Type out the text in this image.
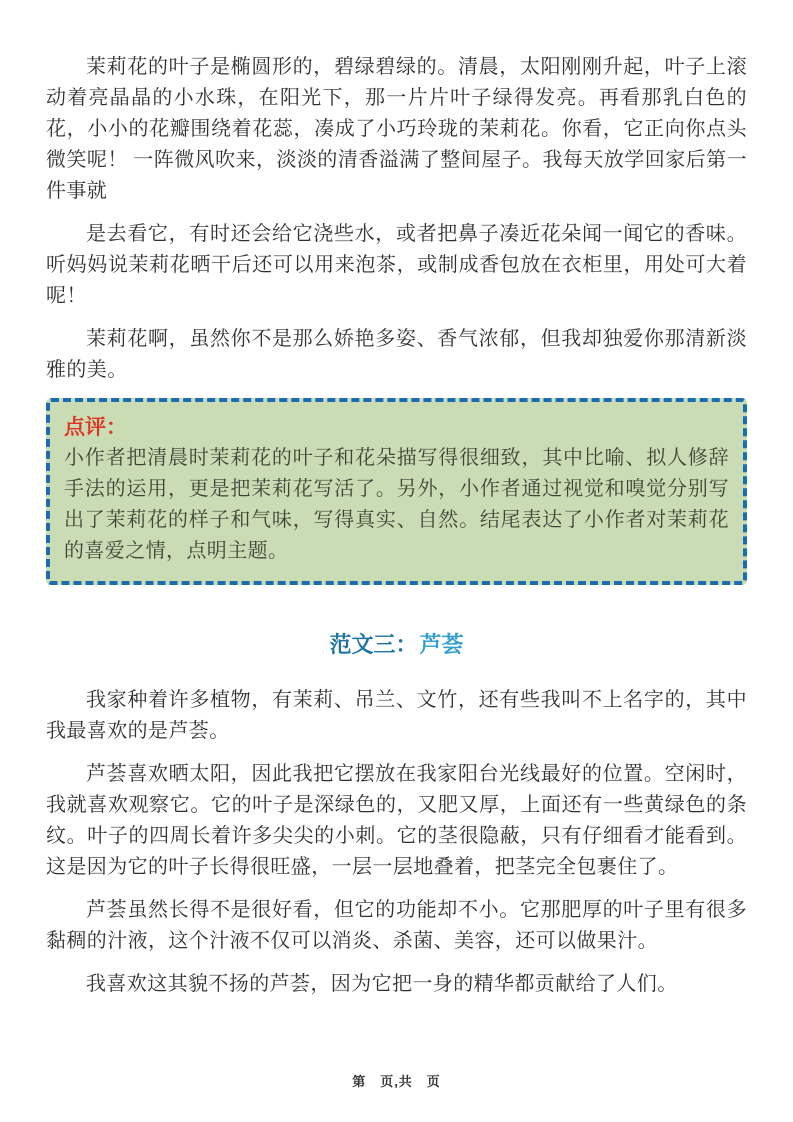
茉莉花的叶子是椭圆形的，碧绿碧绿的。清晨，太阳刚刚升起，叶子上滚动着亮晶晶的小水珠，在阳光下，那一片片叶子绿得发亮。再看那乳白色的花，小小的花瓣围绕着花蕊，凑成了小巧玲珑的茉莉花。你看，它正向你点头微笑呢！ 一阵微风吹来，淡淡的清香溢满了整间屋子。我每天放学回家后第一件事就

是去看它，有时还会给它浇些水，或者把鼻子凑近花朵闻一闻它的香味。听妈妈说茉莉花晒干后还可以用来泡茶，或制成香包放在衣柜里，用处可大着呢！

茉莉花啊，虽然你不是那么娇艳多姿、香气浓郁，但我却独爱你那清新淡雅的美。

点评：
小作者把清晨时茉莉花的叶子和花朵描写得很细致，其中比喻、拟人修辞手法的运用，更是把茉莉花写活了。另外，小作者通过视觉和嗅觉分别写出了茉莉花的样子和气味，写得真实、自然。结尾表达了小作者对茉莉花的喜爱之情，点明主题。
范文三：芦荟

我家种着许多植物，有茉莉、吊兰、文竹，还有些我叫不上名字的，其中我最喜欢的是芦荟。

芦荟喜欢晒太阳，因此我把它摆放在我家阳台光线最好的位置。空闲时，我就喜欢观察它。它的叶子是深绿色的，又肥又厚，上面还有一些黄绿色的条纹。叶子的四周长着许多尖尖的小刺。它的茎很隐蔽，只有仔细看才能看到。这是因为它的叶子长得很旺盛，一层一层地叠着，把茎完全包裹住了。

芦荟虽然长得不是很好看，但它的功能却不小。它那肥厚的叶子里有很多黏稠的汁液，这个汁液不仅可以消炎、杀菌、美容，还可以做果汁。

我喜欢这其貌不扬的芦荟，因为它把一身的精华都贡献给了人们。

第　页,共　页
